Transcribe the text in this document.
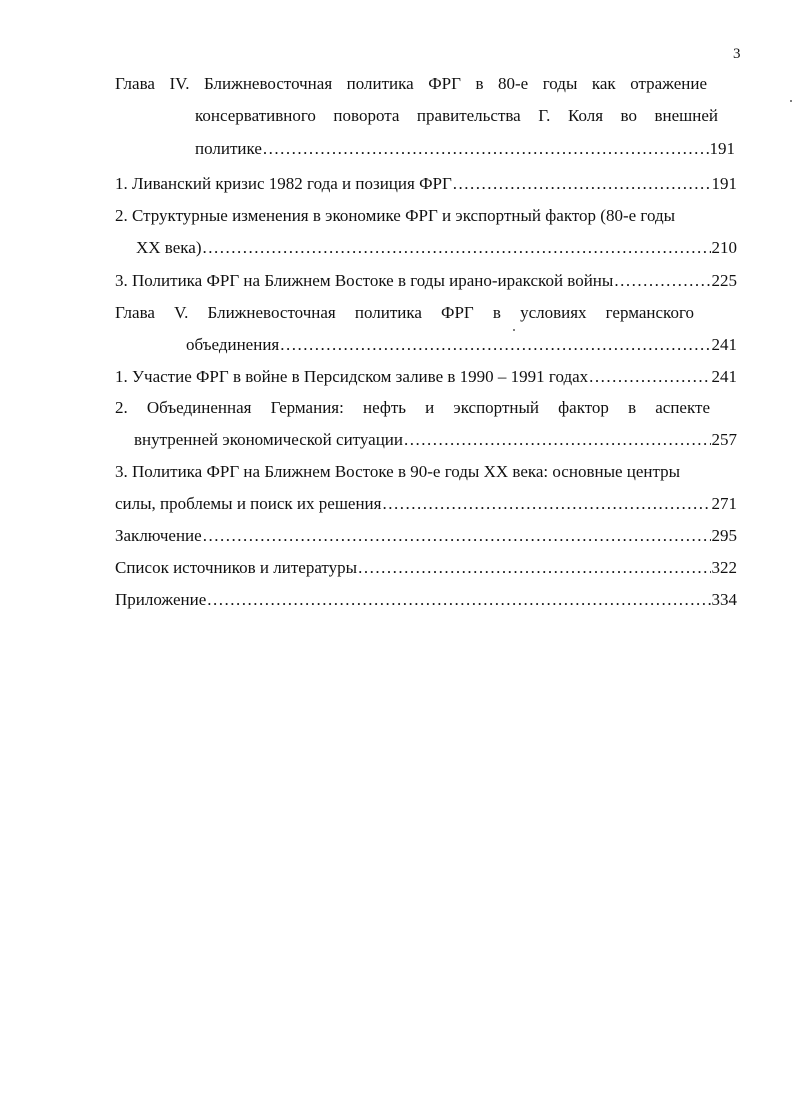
3
Глава IV. Ближневосточная политика ФРГ в 80-е годы как отражение
консервативного поворота правительства Г. Коля во внешней
политике .....	191
1. Ливанский кризис 1982 года и позиция ФРГ .....	191
2. Структурные изменения в экономике ФРГ и экспортный фактор (80-е годы
XX века) .....	210
3. Политика ФРГ на Ближнем Востоке в годы ирано-иракской войны .....	225
Глава V. Ближневосточная политика ФРГ в условиях германского
объединения .....	241
1. Участие ФРГ в войне в Персидском заливе в 1990 – 1991 годах .....	241
2. Объединенная Германия: нефть и экспортный фактор в аспекте
внутренней экономической ситуации .....	257
3. Политика ФРГ на Ближнем Востоке в 90-е годы XX века: основные центры
силы, проблемы и поиск их решения .....	271
Заключение .....	295
Список источников и литературы .....	322
Приложение .....	334
